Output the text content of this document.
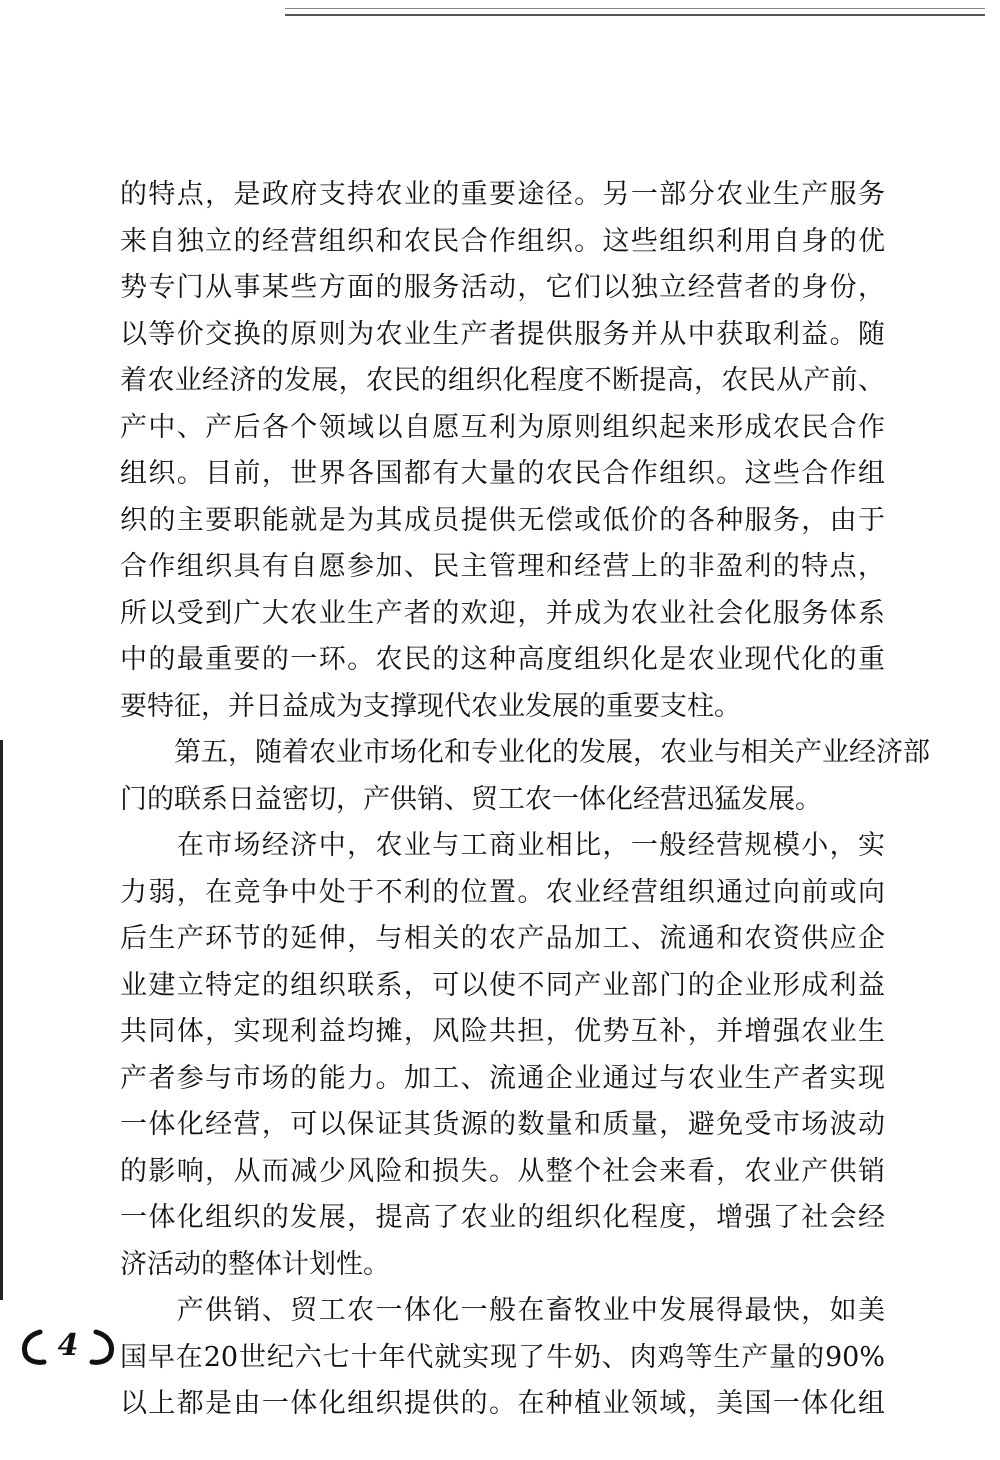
的特点，是政府支持农业的重要途径。另一部分农业生产服务
来自独立的经营组织和农民合作组织。这些组织利用自身的优
势专门从事某些方面的服务活动，它们以独立经营者的身份，
以等价交换的原则为农业生产者提供服务并从中获取利益。随
着农业经济的发展，农民的组织化程度不断提高，农民从产前、
产中、产后各个领域以自愿互利为原则组织起来形成农民合作
组织。目前，世界各国都有大量的农民合作组织。这些合作组
织的主要职能就是为其成员提供无偿或低价的各种服务，由于
合作组织具有自愿参加、民主管理和经营上的非盈利的特点，
所以受到广大农业生产者的欢迎，并成为农业社会化服务体系
中的最重要的一环。农民的这种高度组织化是农业现代化的重
要特征，并日益成为支撑现代农业发展的重要支柱。
　　第五，随着农业市场化和专业化的发展，农业与相关产业经济部
门的联系日益密切，产供销、贸工农一体化经营迅猛发展。
　　在市场经济中，农业与工商业相比，一般经营规模小，实
力弱，在竞争中处于不利的位置。农业经营组织通过向前或向
后生产环节的延伸，与相关的农产品加工、流通和农资供应企
业建立特定的组织联系，可以使不同产业部门的企业形成利益
共同体，实现利益均摊，风险共担，优势互补，并增强农业生
产者参与市场的能力。加工、流通企业通过与农业生产者实现
一体化经营，可以保证其货源的数量和质量，避免受市场波动
的影响，从而减少风险和损失。从整个社会来看，农业产供销
一体化组织的发展，提高了农业的组织化程度，增强了社会经
济活动的整体计划性。
　　产供销、贸工农一体化一般在畜牧业中发展得最快，如美
国早在20世纪六七十年代就实现了牛奶、肉鸡等生产量的90%
以上都是由一体化组织提供的。在种植业领域，美国一体化组
4
